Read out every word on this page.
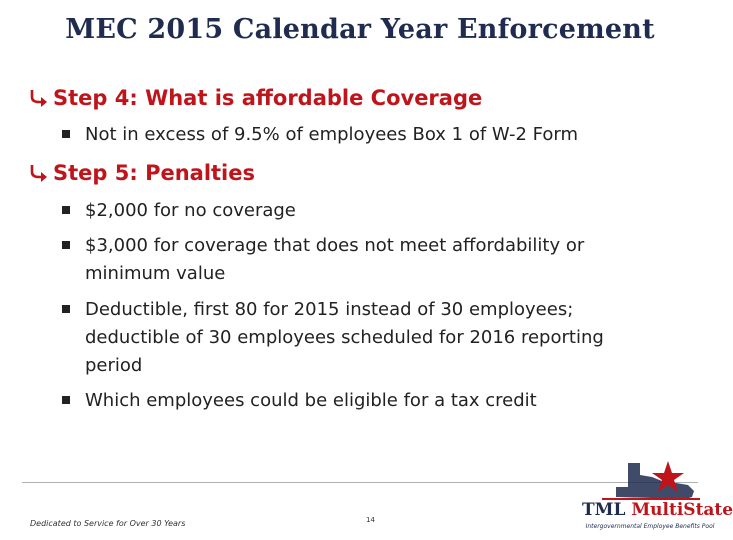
MEC 2015 Calendar Year Enforcement
Step 4: What is affordable Coverage
Not in excess of 9.5% of employees Box 1 of W-2 Form
Step 5: Penalties
$2,000 for no coverage
$3,000 for coverage that does not meet affordability or minimum value
Deductible, first 80 for 2015 instead of 30 employees; deductible of 30 employees scheduled for 2016 reporting period
Which employees could be eligible for a tax credit
Dedicated to Service for Over 30 Years	14	TML MultiState
Intergovernmental Employee Benefits Pool
